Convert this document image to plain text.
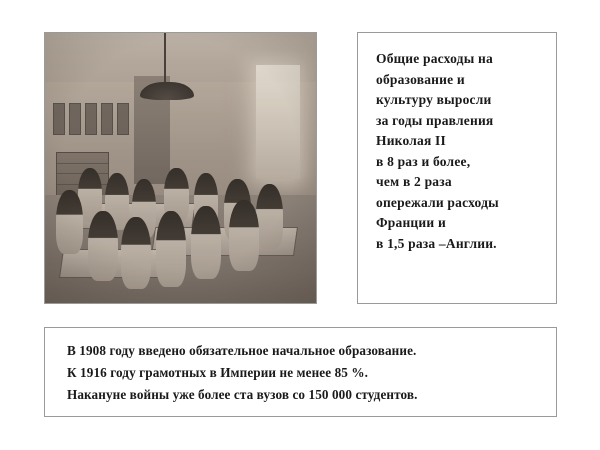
Общие расходы на

образование и

культуру выросли

за годы правления

Николая II

в 8 раз и более,

чем в 2 раза

опережали расходы

Франции и

в 1,5 раза –Англии.

В 1908 году введено обязательное начальное образование.

К 1916 году грамотных в Империи не менее 85 %.

Накануне войны уже более ста вузов со 150 000 студентов.
